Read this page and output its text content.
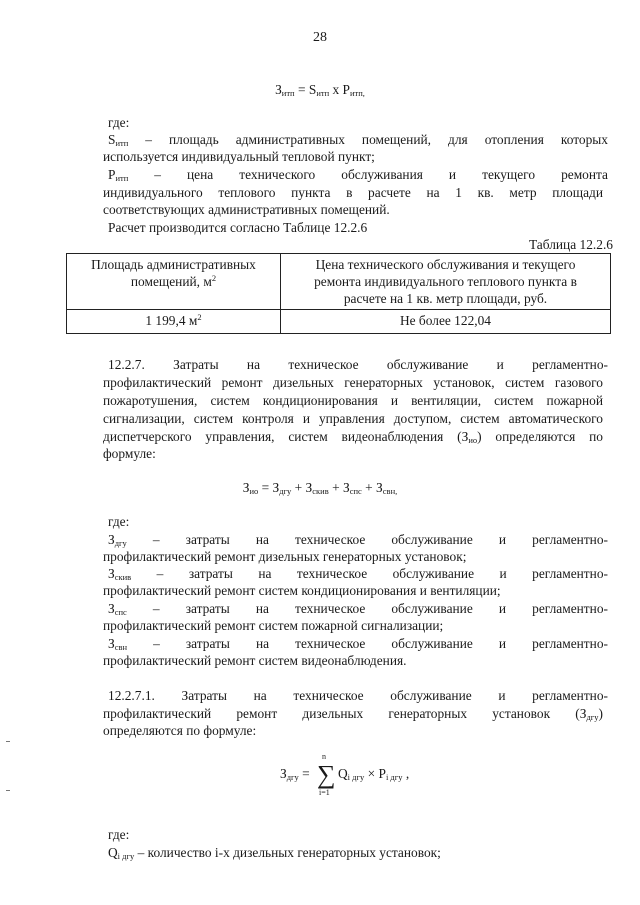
28
$З_{итп} = S_{итп}$ x $P_{итп,}$
где:
$S_{итп}$ – площадь административных помещений, для отопления которых
используется индивидуальный тепловой пункт;
$P_{итп}$ – цена технического обслуживания и текущего ремонта
индивидуального теплового пункта в расчете на 1 кв. метр площади
соответствующих административных помещений.
Расчет производится согласно Таблице 12.2.6
Таблица 12.2.6
Площадь административных
помещений, $м^2$	Цена технического обслуживания и текущего
ремонта индивидуального теплового пункта в
расчете на 1 кв. метр площади, руб.
1 199,4 $м^2$	Не более 122,04
12.2.7. Затраты на техническое обслуживание и регламентно-
профилактический ремонт дизельных генераторных установок, систем газового
пожаротушения, систем кондиционирования и вентиляции, систем пожарной
сигнализации, систем контроля и управления доступом, систем автоматического
диспетчерского управления, систем видеонаблюдения $(З_{ио})$ определяются по
формуле:
$З_{ио} = З_{дгу} + З_{скив} + З_{спс} + З_{свн,}$
где:
$З_{дгу}$ – затраты на техническое обслуживание и регламентно-
профилактический ремонт дизельных генераторных установок;
$З_{скив}$ – затраты на техническое обслуживание и регламентно-
профилактический ремонт систем кондиционирования и вентиляции;
$З_{спс}$ – затраты на техническое обслуживание и регламентно-
профилактический ремонт систем пожарной сигнализации;
$З_{свн}$ – затраты на техническое обслуживание и регламентно-
профилактический ремонт систем видеонаблюдения.
12.2.7.1. Затраты на техническое обслуживание и регламентно-
профилактический ремонт дизельных генераторных установок $(З_{дгу})$
определяются по формуле:
$З_{дгу}$ =
n
∑
i=1
$Q_{i дгу} \times P_{i дгу}$ ,
где:
$Q_{i дгу}$ – количество i-х дизельных генераторных установок;
